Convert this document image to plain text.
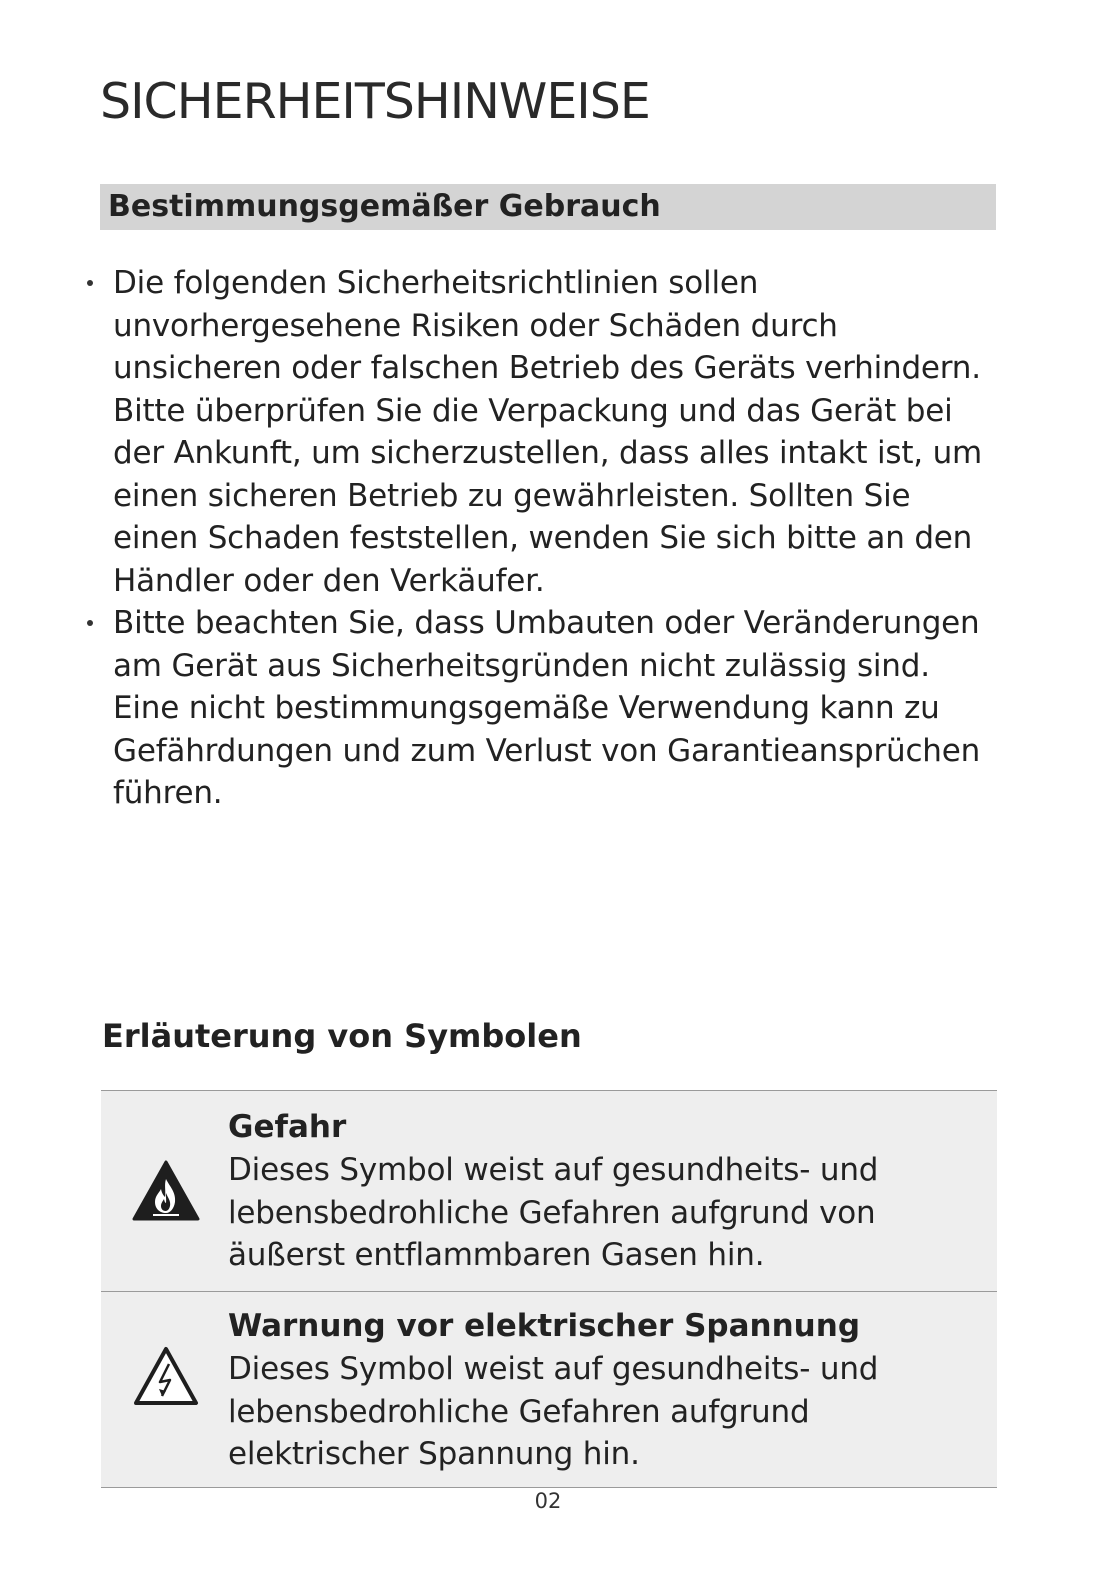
SICHERHEITSHINWEISE
Bestimmungsgemäßer Gebrauch
Die folgenden Sicherheitsrichtlinien sollen unvorhergesehene Risiken oder Schäden durch unsicheren oder falschen Betrieb des Geräts verhindern. Bitte überprüfen Sie die Verpackung und das Gerät bei der Ankunft, um sicherzustellen, dass alles intakt ist, um einen sicheren Betrieb zu gewährleisten. Sollten Sie einen Schaden feststellen, wenden Sie sich bitte an den Händler oder den Verkäufer.
Bitte beachten Sie, dass Umbauten oder Veränderungen am Gerät aus Sicherheitsgründen nicht zulässig sind. Eine nicht bestimmungsgemäße Verwendung kann zu Gefährdungen und zum Verlust von Garantieansprüchen führen.
Erläuterung von Symbolen
Gefahr
Dieses Symbol weist auf gesundheits- und lebensbedrohliche Gefahren aufgrund von äußerst entflammbaren Gasen hin.
Warnung vor elektrischer Spannung
Dieses Symbol weist auf gesundheits- und lebensbedrohliche Gefahren aufgrund elektrischer Spannung hin.
02
